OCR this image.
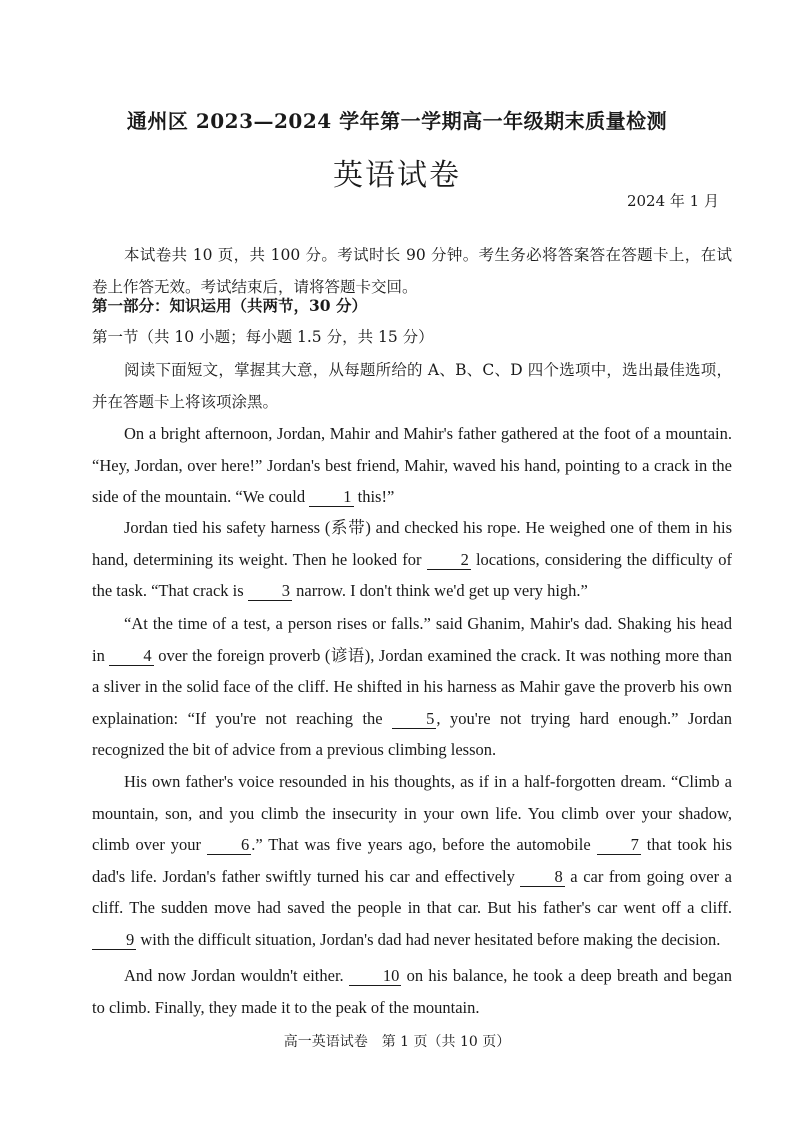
通州区 2023—2024 学年第一学期高一年级期末质量检测
英语试卷
2024 年 1 月
本试卷共 10 页，共 100 分。考试时长 90 分钟。考生务必将答案答在答题卡上，在试卷上作答无效。考试结束后，请将答题卡交回。
第一部分：知识运用（共两节，30 分）
第一节（共 10 小题；每小题 1.5 分，共 15 分）
阅读下面短文，掌握其大意，从每题所给的 A、B、C、D 四个选项中，选出最佳选项，并在答题卡上将该项涂黑。
On a bright afternoon, Jordan, Mahir and Mahir's father gathered at the foot of a mountain. “Hey, Jordan, over here!” Jordan's best friend, Mahir, waved his hand, pointing to a crack in the side of the mountain. “We could 1 this!”
Jordan tied his safety harness (系带) and checked his rope. He weighed one of them in his hand, determining its weight. Then he looked for 2 locations, considering the difficulty of the task. “That crack is 3 narrow. I don't think we'd get up very high.”
“At the time of a test, a person rises or falls.” said Ghanim, Mahir's dad. Shaking his head in 4 over the foreign proverb (谚语), Jordan examined the crack. It was nothing more than a sliver in the solid face of the cliff. He shifted in his harness as Mahir gave the proverb his own explaination: “If you're not reaching the 5 , you're not trying hard enough.” Jordan recognized the bit of advice from a previous climbing lesson.
His own father's voice resounded in his thoughts, as if in a half-forgotten dream. “Climb a mountain, son, and you climb the insecurity in your own life. You climb over your shadow, climb over your 6 .” That was five years ago, before the automobile 7 that took his dad's life. Jordan's father swiftly turned his car and effectively 8 a car from going over a cliff. The sudden move had saved the people in that car. But his father's car went off a cliff. 9 with the difficult situation, Jordan's dad had never hesitated before making the decision.
And now Jordan wouldn't either. 10 on his balance, he took a deep breath and began to climb. Finally, they made it to the peak of the mountain.
高一英语试卷　第 1 页（共 10 页）
